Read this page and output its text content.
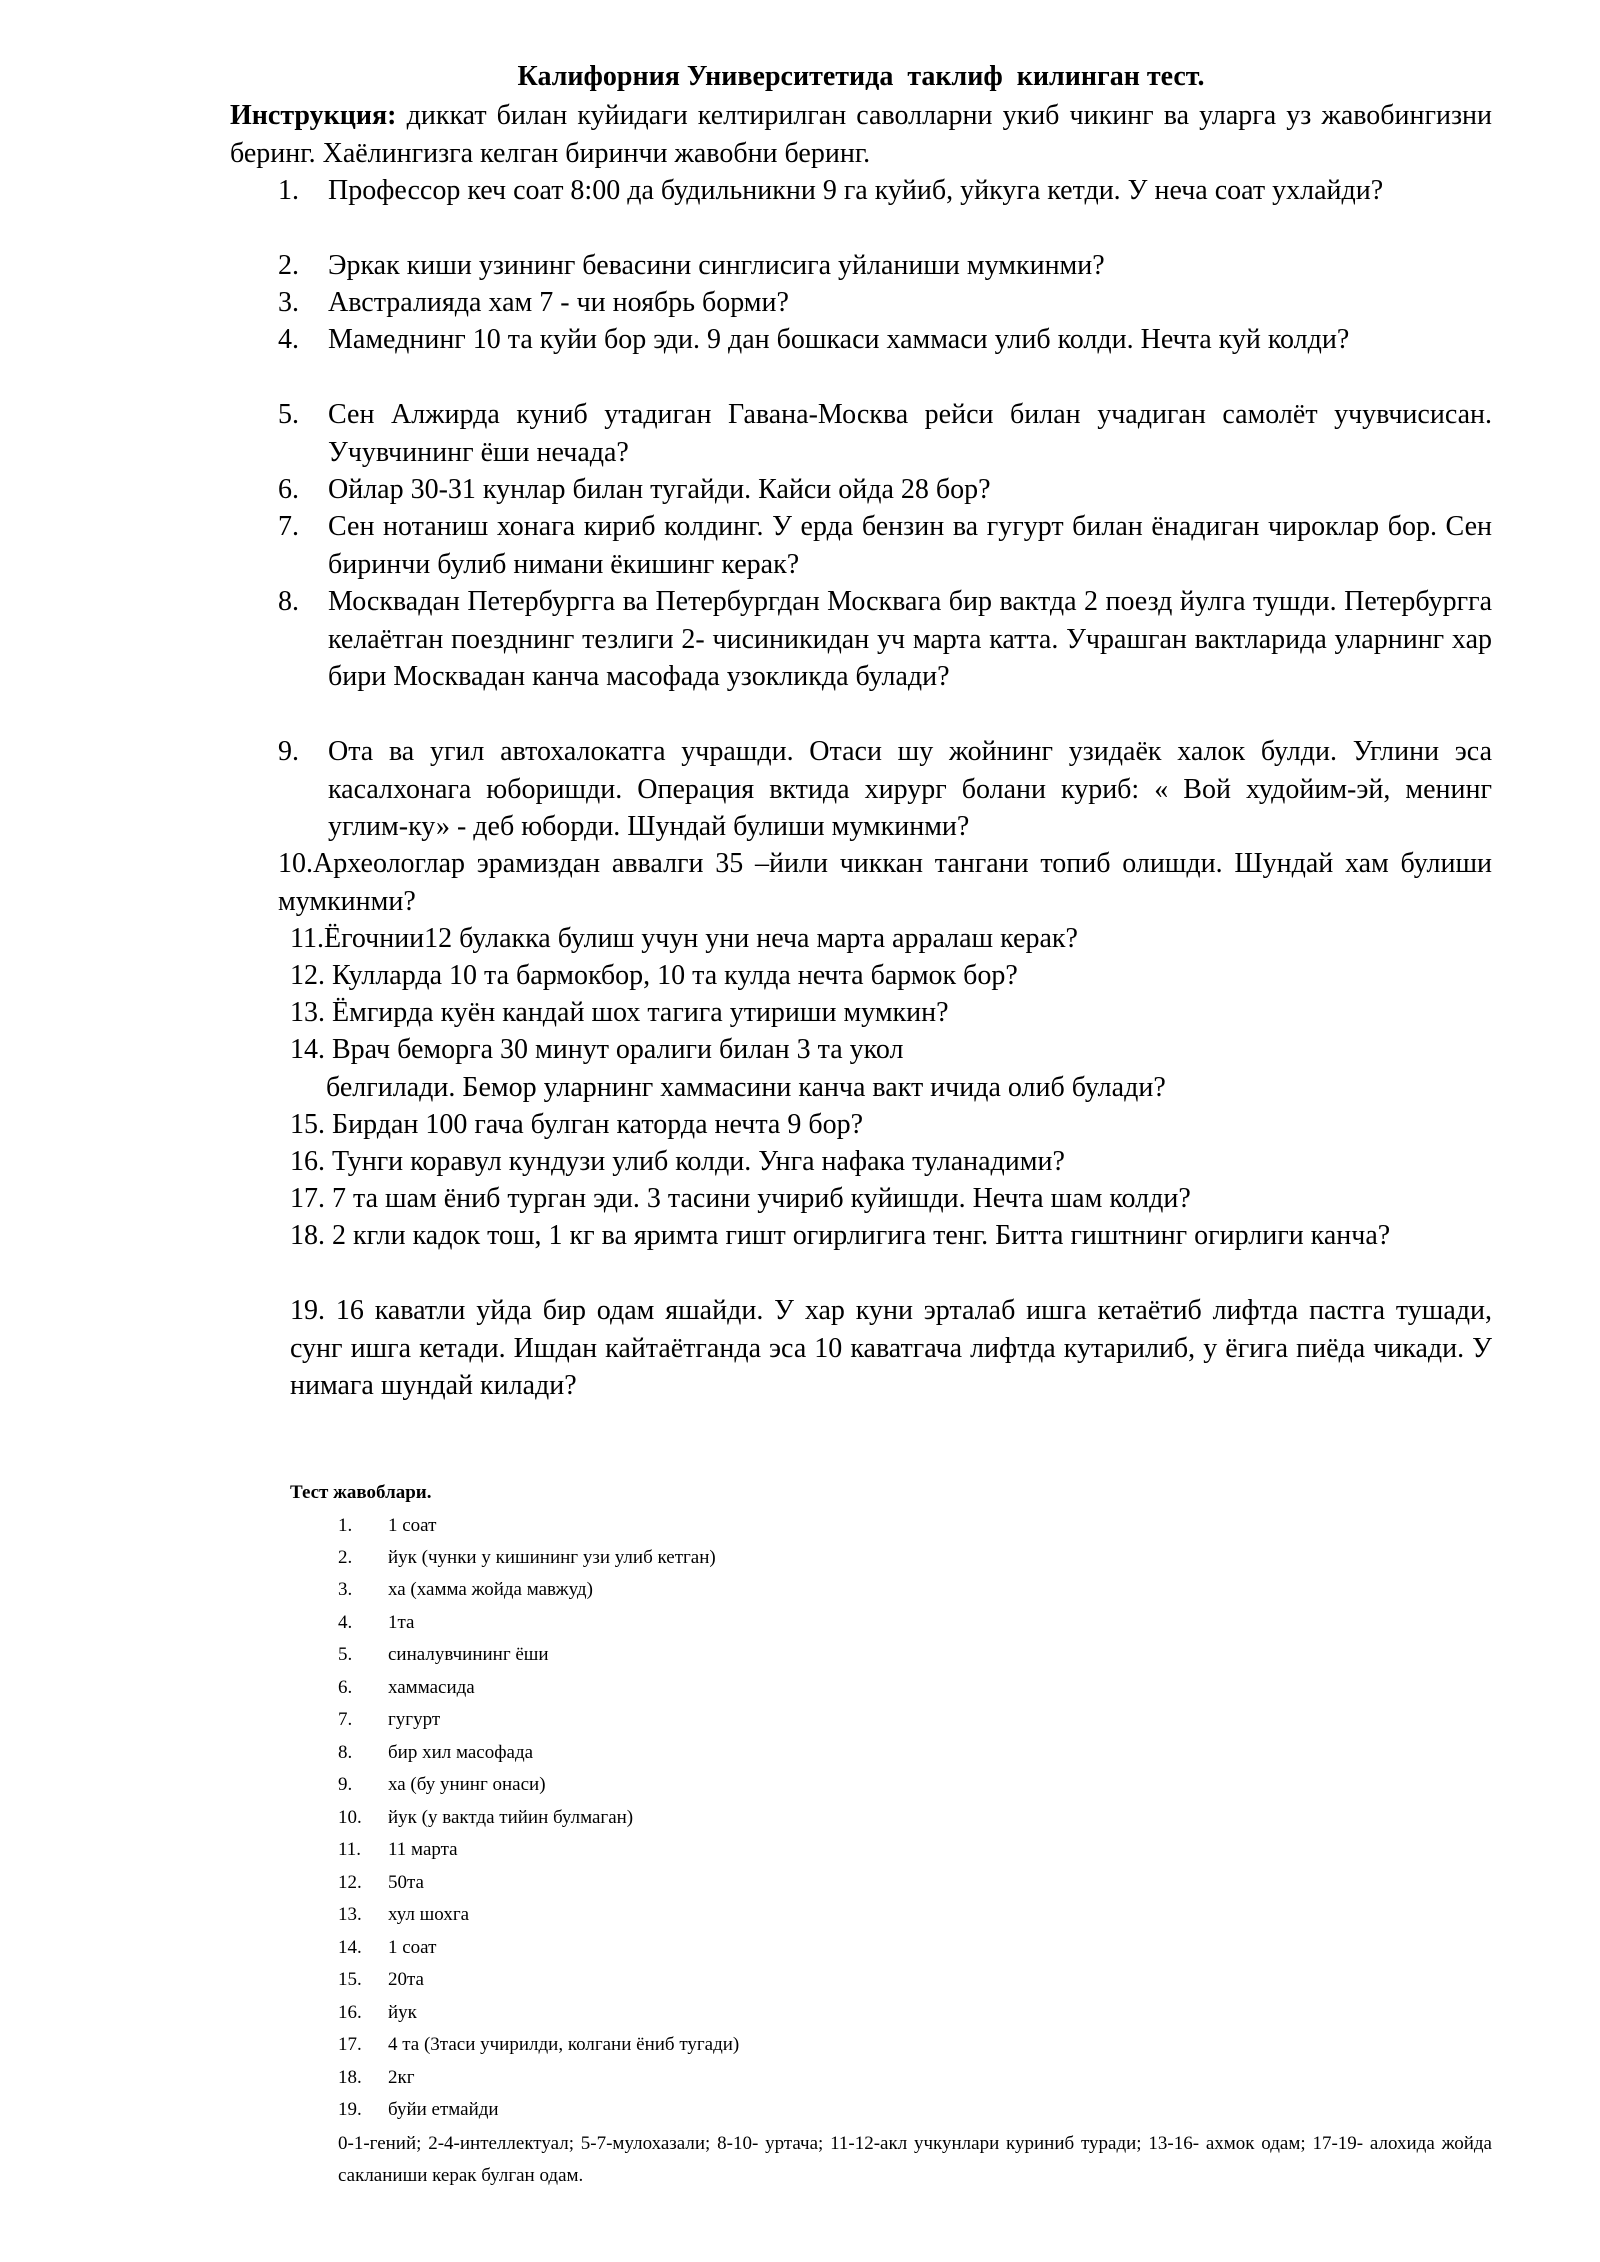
Калифорния Университетида  таклиф  килинган тест.
Инструкция: диккат билан куйидаги келтирилган саволларни укиб чикинг ва уларга уз жавобингизни беринг. Хаёлингизга келган биринчи жавобни беринг.
1. Профессор кеч соат 8:00 да будильникни 9 га куйиб, уйкуга кетди. У неча соат ухлайди?
2. Эркак киши узининг бевасини синглисига уйланиши мумкинми?
3. Австралияда хам 7 - чи ноябрь борми?
4. Мамеднинг 10 та куйи бор эди. 9 дан бошкаси хаммаси улиб колди. Нечта куй колди?
5. Сен Алжирда куниб утадиган Гавана-Москва рейси билан учадиган самолёт учувчисисан. Учувчининг ёши нечада?
6. Ойлар 30-31 кунлар билан тугайди. Кайси ойда 28 бор?
7. Сен нотаниш хонага кириб колдинг. У ерда бензин ва гугурт билан ёнадиган чироклар бор. Сен биринчи булиб нимани ёкишинг керак?
8. Москвадан Петербургга ва Петербургдан Москвага бир вактда 2 поезд йулга тушди. Петербургга келаётган поезднинг тезлиги 2- чисиникидан уч марта катта. Учрашган вактларида уларнинг хар бири Москвадан канча масофада узокликда булади?
9. Ота ва угил автохалокатга учрашди. Отаси шу жойнинг узидаёк халок булди. Углини эса касалхонага юборишди. Операция вктида хирург болани куриб: « Вой худойим-эй, менинг углим-ку» - деб юборди. Шундай булиши мумкинми?
10.Археологлар эрамиздан аввалги 35 –йили чиккан тангани топиб олишди. Шундай хам булиши мумкинми?
11.Ёгочнии12 булакка булиш учун уни неча марта арралаш керак?
12. Кулларда 10 та бармокбор, 10 та кулда нечта бармок бор?
13. Ёмгирда куён кандай шох тагига утириши мумкин?
14. Врач беморга 30 минут оралиги билан 3 та укол
белгилади. Бемор уларнинг хаммасини канча вакт ичида олиб булади?
15. Бирдан 100 гача булган каторда нечта 9 бор?
16. Тунги коравул кундузи улиб колди. Унга нафака туланадими?
17. 7 та шам ёниб турган эди. 3 тасини учириб куйишди. Нечта шам колди?
18. 2 кгли кадок тош, 1 кг ва яримта гишт огирлигига тенг. Битта гиштнинг огирлиги канча?
19. 16 каватли уйда бир одам яшайди. У хар куни эрталаб ишга кетаётиб лифтда пастга тушади, сунг ишга кетади. Ишдан кайтаётганда эса 10 каватгача лифтда кутарилиб, у ёгига пиёда чикади. У нимага шундай килади?
Тест жавоблари.
1. 1 соат
2. йук (чунки у кишининг узи улиб кетган)
3. ха (хамма жойда мавжуд)
4. 1та
5. синалувчининг ёши
6. хаммасида
7. гугурт
8. бир хил масофада
9. ха (бу унинг онаси)
10. йук (у вактда тийин булмаган)
11. 11 марта
12. 50та
13. хул шохга
14. 1 соат
15. 20та
16. йук
17. 4 та (3таси учирилди, колгани ёниб тугади)
18. 2кг
19. буйи етмайди
0-1-гений; 2-4-интеллектуал; 5-7-мулохазали; 8-10- уртача; 11-12-акл учкунлари куриниб туради; 13-16- ахмок одам; 17-19- алохида жойда сакланиши керак булган одам.
